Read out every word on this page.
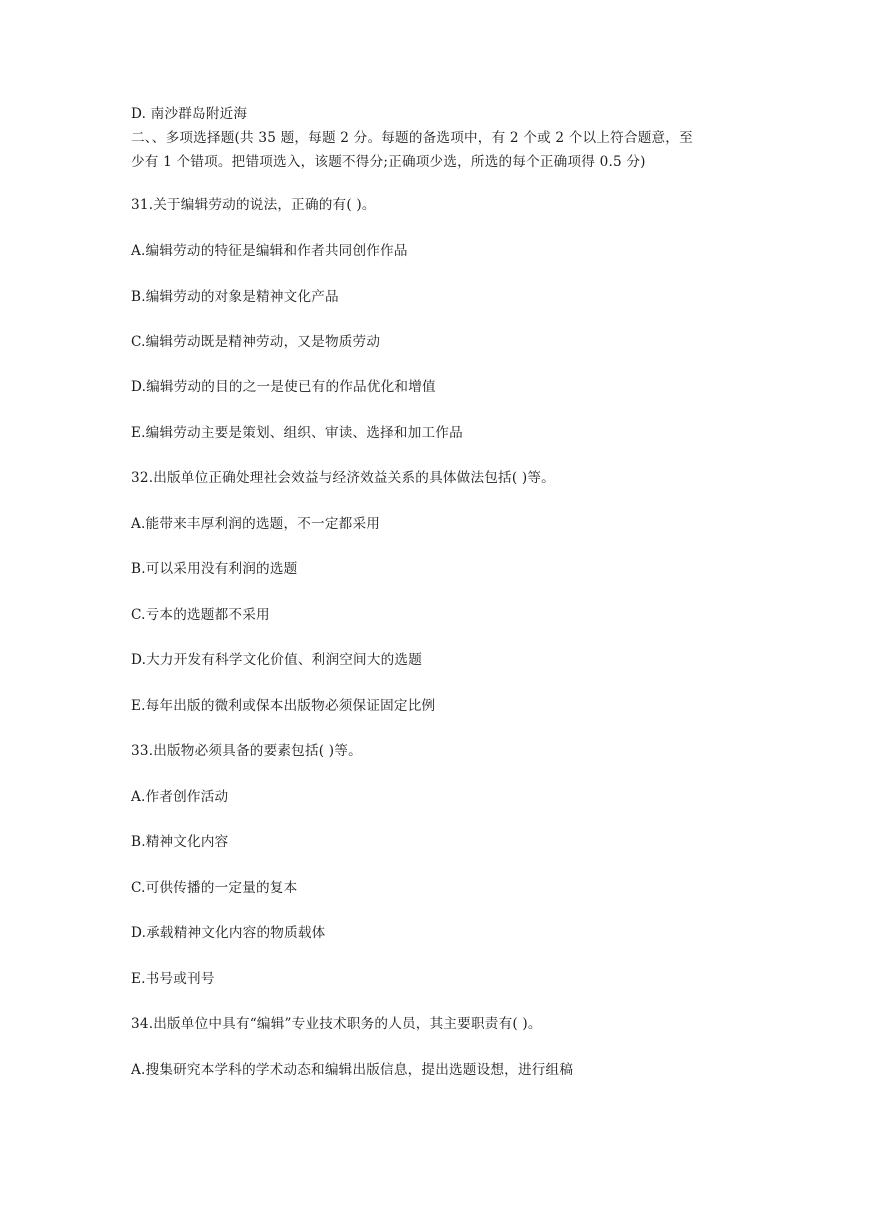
D. 南沙群岛附近海
二、、多项选择题(共 35 题，每题 2 分。每题的备选项中，有 2 个或 2 个以上符合题意，至
少有 1 个错项。把错项选入，该题不得分;正确项少选，所选的每个正确项得 0.5 分)
31.关于编辑劳动的说法，正确的有( )。
A.编辑劳动的特征是编辑和作者共同创作作品
B.编辑劳动的对象是精神文化产品
C.编辑劳动既是精神劳动，又是物质劳动
D.编辑劳动的目的之一是使已有的作品优化和增值
E.编辑劳动主要是策划、组织、审读、选择和加工作品
32.出版单位正确处理社会效益与经济效益关系的具体做法包括( )等。
A.能带来丰厚利润的选题，不一定都采用
B.可以采用没有利润的选题
C.亏本的选题都不采用
D.大力开发有科学文化价值、利润空间大的选题
E.每年出版的微利或保本出版物必须保证固定比例
33.出版物必须具备的要素包括( )等。
A.作者创作活动
B.精神文化内容
C.可供传播的一定量的复本
D.承载精神文化内容的物质载体
E.书号或刊号
34.出版单位中具有“编辑”专业技术职务的人员，其主要职责有( )。
A.搜集研究本学科的学术动态和编辑出版信息，提出选题设想，进行组稿
